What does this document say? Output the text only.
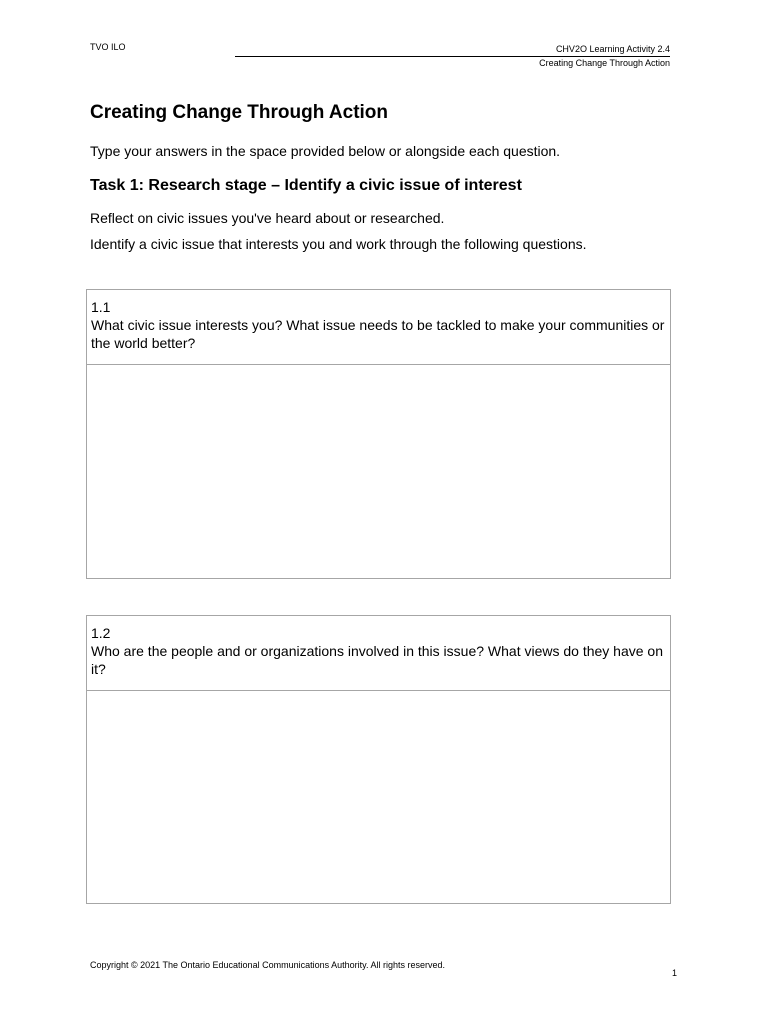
TVO ILO	CHV2O Learning Activity 2.4
Creating Change Through Action
Creating Change Through Action

Type your answers in the space provided below or alongside each question.

Task 1: Research stage – Identify a civic issue of interest

Reflect on civic issues you've heard about or researched.

Identify a civic issue that interests you and work through the following questions.

1.1
What civic issue interests you? What issue needs to be tackled to make your communities or the world better?
1.2
Who are the people and or organizations involved in this issue? What views do they have on it?
Copyright © 2021 The Ontario Educational Communications Authority. All rights reserved.
1
